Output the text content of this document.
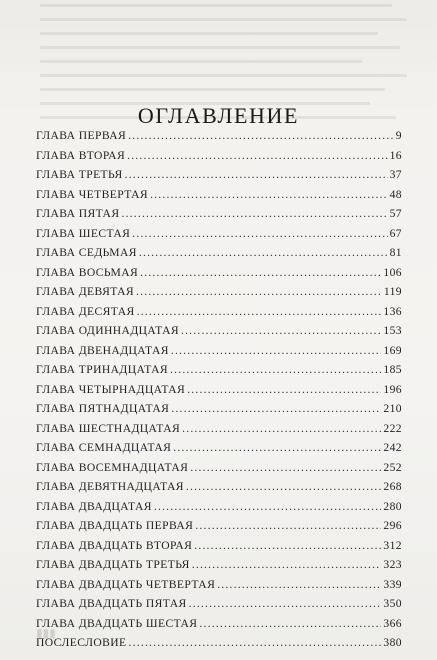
ОГЛАВЛЕНИЕ
ГЛАВА ПЕРВАЯ .....	9
ГЛАВА ВТОРАЯ .....	16
ГЛАВА ТРЕТЬЯ .....	37
ГЛАВА ЧЕТВЕРТАЯ .....	48
ГЛАВА ПЯТАЯ .....	57
ГЛАВА ШЕСТАЯ .....	67
ГЛАВА СЕДЬМАЯ .....	81
ГЛАВА ВОСЬМАЯ .....	106
ГЛАВА ДЕВЯТАЯ .....	119
ГЛАВА ДЕСЯТАЯ .....	136
ГЛАВА ОДИННАДЦАТАЯ .....	153
ГЛАВА ДВЕНАДЦАТАЯ .....	169
ГЛАВА ТРИНАДЦАТАЯ .....	185
ГЛАВА ЧЕТЫРНАДЦАТАЯ .....	196
ГЛАВА ПЯТНАДЦАТАЯ .....	210
ГЛАВА ШЕСТНАДЦАТАЯ .....	222
ГЛАВА СЕМНАДЦАТАЯ .....	242
ГЛАВА ВОСЕМНАДЦАТАЯ .....	252
ГЛАВА ДЕВЯТНАДЦАТАЯ .....	268
ГЛАВА ДВАДЦАТАЯ .....	280
ГЛАВА ДВАДЦАТЬ ПЕРВАЯ .....	296
ГЛАВА ДВАДЦАТЬ ВТОРАЯ .....	312
ГЛАВА ДВАДЦАТЬ ТРЕТЬЯ .....	323
ГЛАВА ДВАДЦАТЬ ЧЕТВЕРТАЯ .....	339
ГЛАВА ДВАДЦАТЬ ПЯТАЯ .....	350
ГЛАВА ДВАДЦАТЬ ШЕСТАЯ .....	366
ПОСЛЕСЛОВИЕ .....	380
▮▮▮
